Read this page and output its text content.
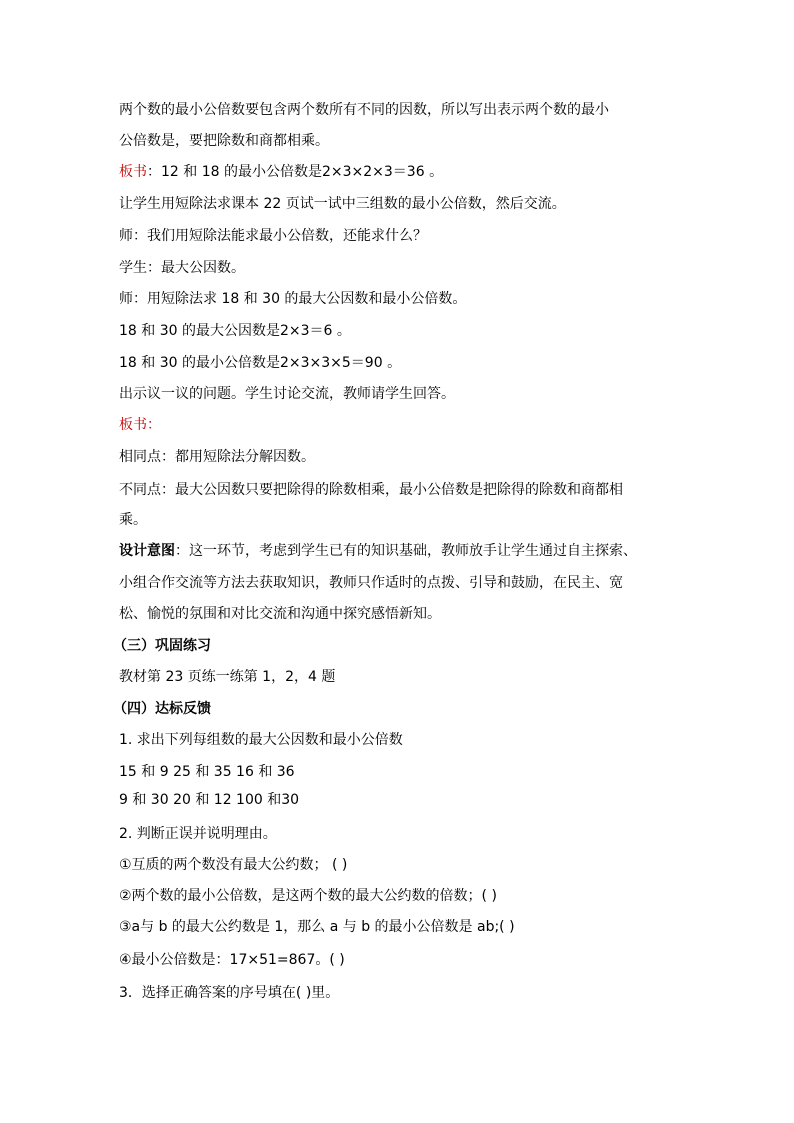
两个数的最小公倍数要包含两个数所有不同的因数，所以写出表示两个数的最小
公倍数是，要把除数和商都相乘。
板书：12 和 18 的最小公倍数是2×3×2×3＝36 。
让学生用短除法求课本 22 页试一试中三组数的最小公倍数，然后交流。
师：我们用短除法能求最小公倍数，还能求什么？
学生：最大公因数。
师：用短除法求 18 和 30 的最大公因数和最小公倍数。
18 和 30 的最大公因数是2×3＝6 。
18 和 30 的最小公倍数是2×3×3×5＝90 。
出示议一议的问题。学生讨论交流，教师请学生回答。
板书：
相同点：都用短除法分解因数。
不同点：最大公因数只要把除得的除数相乘，最小公倍数是把除得的除数和商都相
乘。
设计意图：这一环节，考虑到学生已有的知识基础，教师放手让学生通过自主探索、
小组合作交流等方法去获取知识，教师只作适时的点拨、引导和鼓励，在民主、宽
松、愉悦的氛围和对比交流和沟通中探究感悟新知。
（三）巩固练习
教材第 23 页练一练第 1，2，4 题
（四）达标反馈
1. 求出下列每组数的最大公因数和最小公倍数
15 和 9 25 和 35 16 和 36
9 和 30 20 和 12 100 和30
2. 判断正误并说明理由。
①互质的两个数没有最大公约数； ( )
②两个数的最小公倍数，是这两个数的最大公约数的倍数；( )
③a与 b 的最大公约数是 1，那么 a 与 b 的最小公倍数是 ab;( )
④最小公倍数是：17×51=867。( )
3．选择正确答案的序号填在( )里。
